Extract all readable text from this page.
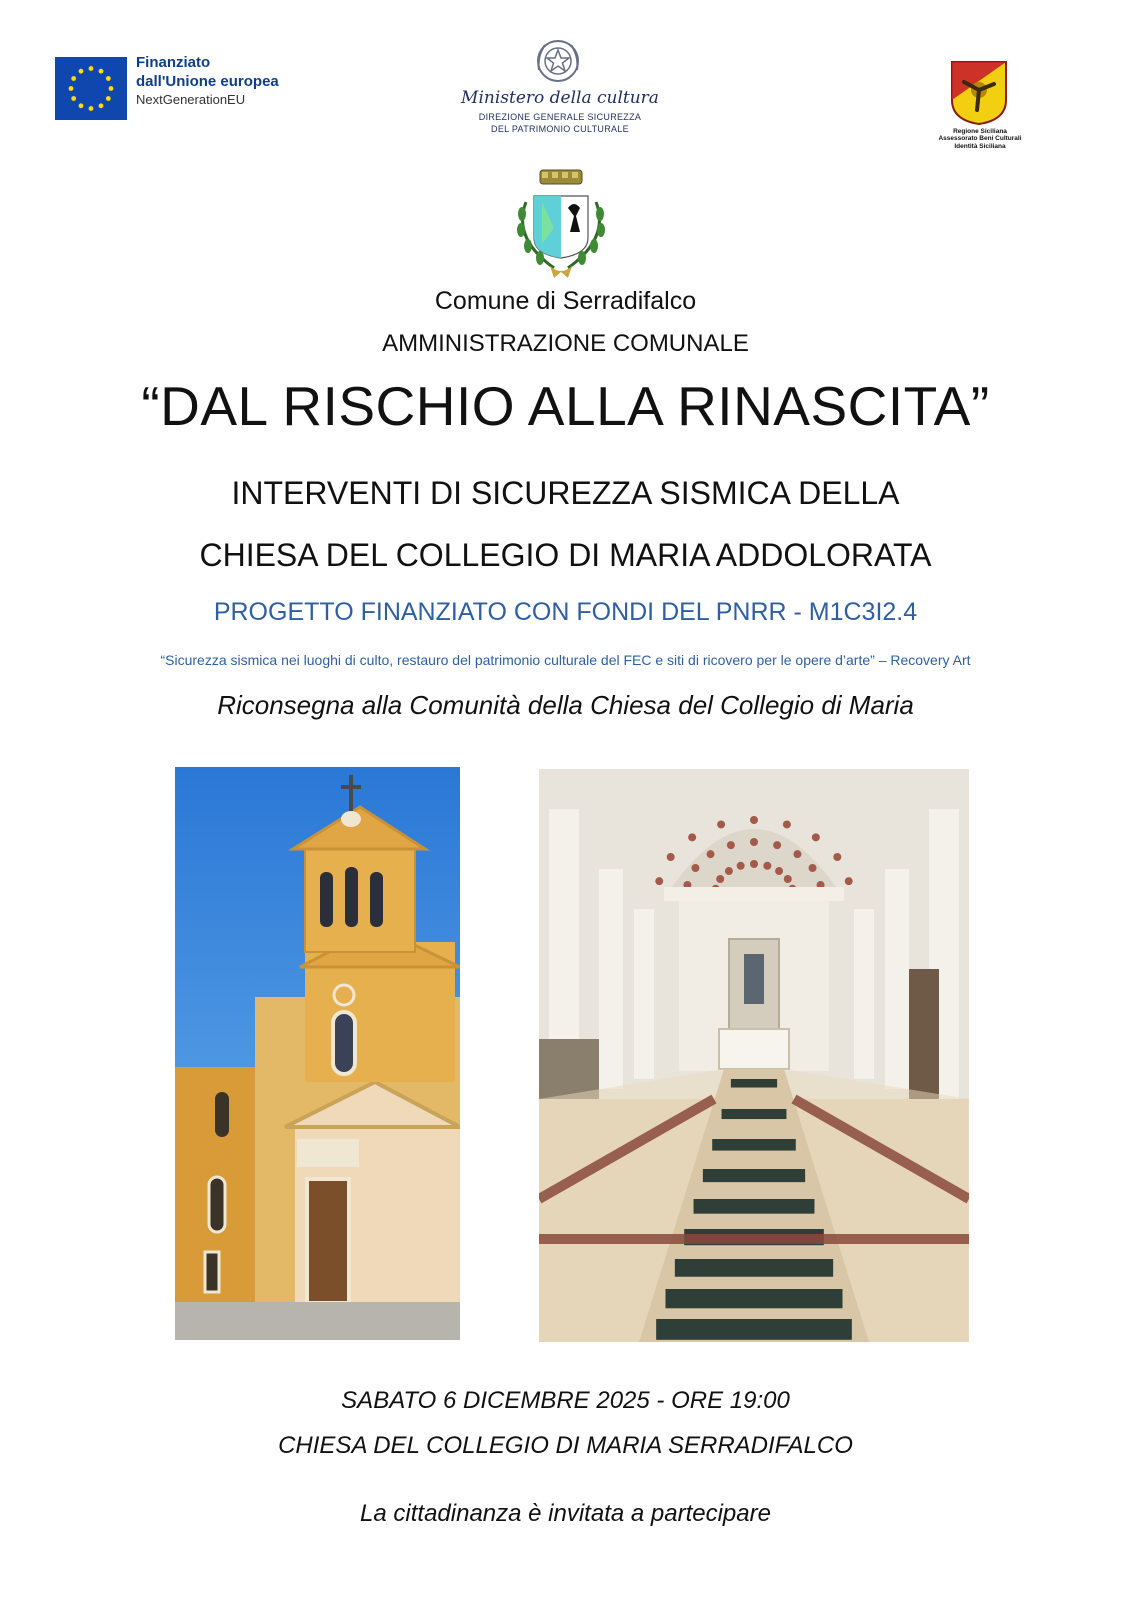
Finanziato
dall'Unione europea
NextGenerationEU	Ministero della cultura
DIREZIONE GENERALE SICUREZZA
DEL PATRIMONIO CULTURALE	Regione Siciliana
Assessorato Beni Culturali
Identità Siciliana
Comune di Serradifalco
AMMINISTRAZIONE COMUNALE
“DAL RISCHIO ALLA RINASCITA”
INTERVENTI DI SICUREZZA SISMICA DELLA
CHIESA DEL COLLEGIO DI MARIA ADDOLORATA
PROGETTO FINANZIATO CON FONDI DEL PNRR - M1C3I2.4
“Sicurezza sismica nei luoghi di culto, restauro del patrimonio culturale del FEC e siti di ricovero per le opere d’arte” – Recovery Art
Riconsegna alla Comunità della Chiesa del Collegio di Maria
SABATO 6 DICEMBRE 2025 - ORE 19:00
CHIESA DEL COLLEGIO DI MARIA SERRADIFALCO
La cittadinanza è invitata a partecipare
